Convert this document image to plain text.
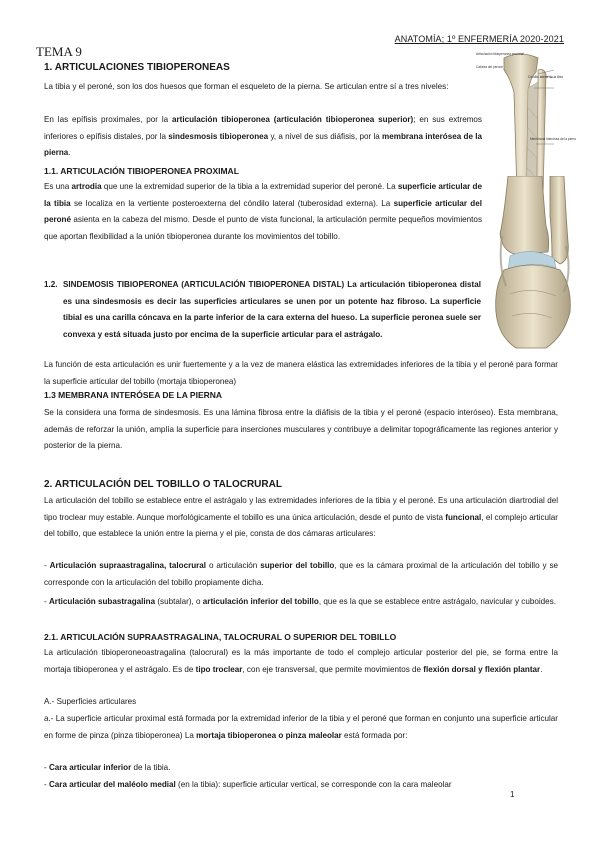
ANATOMÍA; 1º ENFERMERÍA 2020-2021
TEMA 9
1. ARTICULACIONES TIBIOPERONEAS
La tibia y el peroné, son los dos huesos que forman el esqueleto de la pierna. Se articulan entre sí a tres niveles:
En las epífisis proximales, por la articulación tibioperonea (articulación tibioperonea superior); en sus extremos inferiores o epífisis distales, por la sindesmosis tibioperonea y, a nivel de sus diáfisis, por la membrana interósea de la pierna.
1.1. ARTICULACIÓN TIBIOPERONEA PROXIMAL
Es una artrodia que une la extremidad superior de la tibia a la extremidad superior del peroné. La superficie articular de la tibia se localiza en la vertiente posteroexterna del cóndilo lateral (tuberosidad externa). La superficie articular del peroné asienta en la cabeza del mismo. Desde el punto de vista funcional, la articulación permite pequeños movimientos que aportan flexibilidad a la unión tibioperonea durante los movimientos del tobillo.
1.2. SINDEMOSIS TIBIOPERONEA (ARTICULACIÓN TIBIOPERONEA DISTAL) La articulación tibioperonea distal es una sindesmosis es decir las superficies articulares se unen por un potente haz fibroso. La superficie tibial es una carilla cóncava en la parte inferior de la cara externa del hueso. La superficie peronea suele ser convexa y está situada justo por encima de la superficie articular para el astrágalo.
La función de esta articulación es unir fuertemente y a la vez de manera elástica las extremidades inferiores de la tibia y el peroné para formar la superficie articular del tobillo (mortaja tibioperonea)
1.3 MEMBRANA INTERÓSEA DE LA PIERNA
Se la considera una forma de sindesmosis. Es una lámina fibrosa entre la diáfisis de la tibia y el peroné (espacio interóseo). Esta membrana, además de reforzar la unión, amplía la superficie para inserciones musculares y contribuye a delimitar topográficamente las regiones anterior y posterior de la pierna.
2. ARTICULACIÓN DEL TOBILLO O TALOCRURAL
La articulación del tobillo se establece entre el astrágalo y las extremidades inferiores de la tibia y el peroné. Es una articulación diartrodial del tipo troclear muy estable. Aunque morfológicamente el tobillo es una única articulación, desde el punto de vista funcional, el complejo articular del tobillo, que establece la unión entre la pierna y el pie, consta de dos cámaras articulares:
- Articulación supraastragalina, talocrural o articulación superior del tobillo, que es la cámara proximal de la articulación del tobillo y se corresponde con la articulación del tobillo propiamente dicha.
- Articulación subastragalina (subtalar), o articulación inferior del tobillo, que es la que se establece entre astrágalo, navicular y cuboides.
2.1. ARTICULACIÓN SUPRAASTRAGALINA, TALOCRURAL O SUPERIOR DEL TOBILLO
La articulación tibioperoneoastragalina (talocrural) es la más importante de todo el complejo articular posterior del pie, se forma entre la mortaja tibioperonea y el astrágalo. Es de tipo troclear, con eje transversal, que permite movimientos de flexión dorsal y flexión plantar.
A.- Superficies articulares
a.- La superficie articular proximal está formada por la extremidad inferior de la tibia y el peroné que forman en conjunto una superficie articular en forme de pinza (pinza tibioperonea) La mortaja tibioperonea o pinza maleolar está formada por:
- Cara articular inferior de la tibia.
- Cara articular del maléolo medial (en la tibia): superficie articular vertical, se corresponde con la cara maleolar
1
Articulación tibioperonea proximal
Cabeza del peroné
Cóndilo lateral de la tibia
Membrana interósea de la pierna
